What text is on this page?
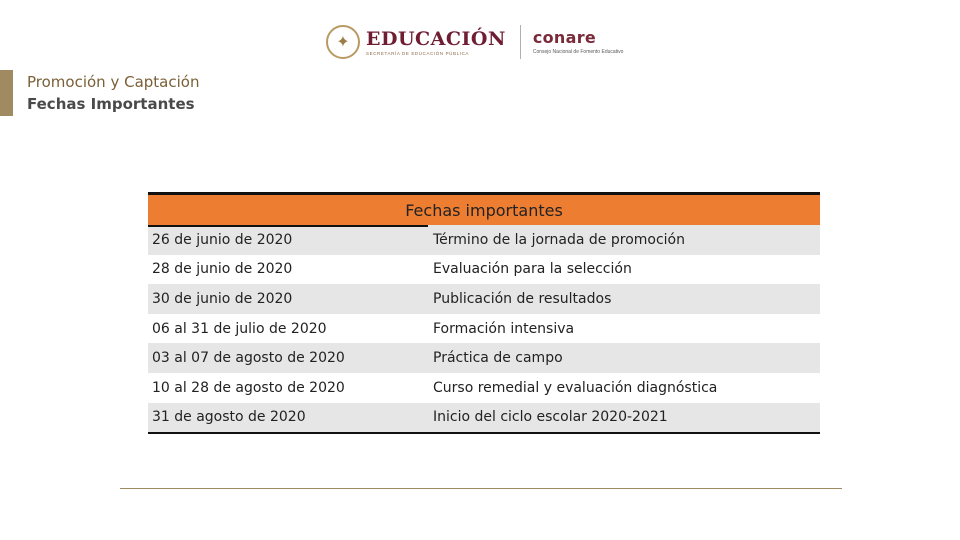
✦ EDUCACIÓN
SECRETARÍA DE EDUCACIÓN PÚBLICA
conare
Consejo Nacional de Fomento Educativo
Promoción y Captación
Fechas Importantes
Fechas importantes
26 de junio de 2020	Término de la jornada de promoción
28 de junio de 2020	Evaluación para la selección
30 de junio de 2020	Publicación de resultados
06 al 31 de julio de 2020	Formación intensiva
03 al 07 de agosto de 2020	Práctica de campo
10 al 28 de agosto de 2020	Curso remedial y evaluación diagnóstica
31 de agosto de 2020	Inicio del ciclo escolar 2020-2021
